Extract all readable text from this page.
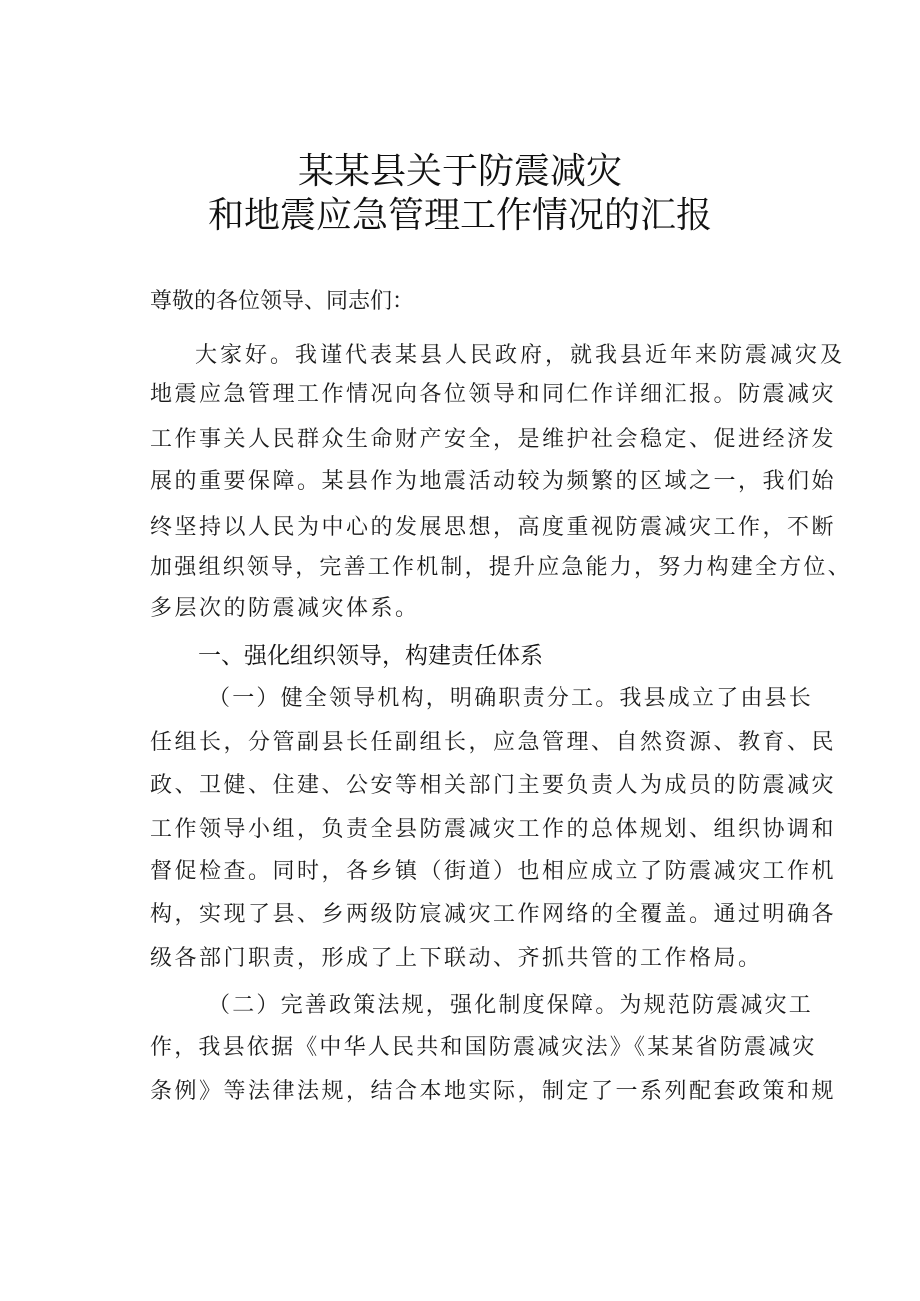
某某县关于防震减灾
和地震应急管理工作情况的汇报
尊敬的各位领导、同志们：
大家好。我谨代表某县人民政府，就我县近年来防震减灾及
地震应急管理工作情况向各位领导和同仁作详细汇报。防震减灾
工作事关人民群众生命财产安全，是维护社会稳定、促进经济发
展的重要保障。某县作为地震活动较为频繁的区域之一，我们始
终坚持以人民为中心的发展思想，高度重视防震减灾工作，不断
加强组织领导，完善工作机制，提升应急能力，努力构建全方位、
多层次的防震减灾体系。
一、强化组织领导，构建责任体系
（一）健全领导机构，明确职责分工。我县成立了由县长
任组长，分管副县长任副组长，应急管理、自然资源、教育、民
政、卫健、住建、公安等相关部门主要负责人为成员的防震减灾
工作领导小组，负责全县防震减灾工作的总体规划、组织协调和
督促检查。同时，各乡镇（街道）也相应成立了防震减灾工作机
构，实现了县、乡两级防宸减灾工作网络的全覆盖。通过明确各
级各部门职责，形成了上下联动、齐抓共管的工作格局。
（二）完善政策法规，强化制度保障。为规范防震减灾工
作，我县依据《中华人民共和国防震减灾法》《某某省防震减灾
条例》等法律法规，结合本地实际，制定了一系列配套政策和规
